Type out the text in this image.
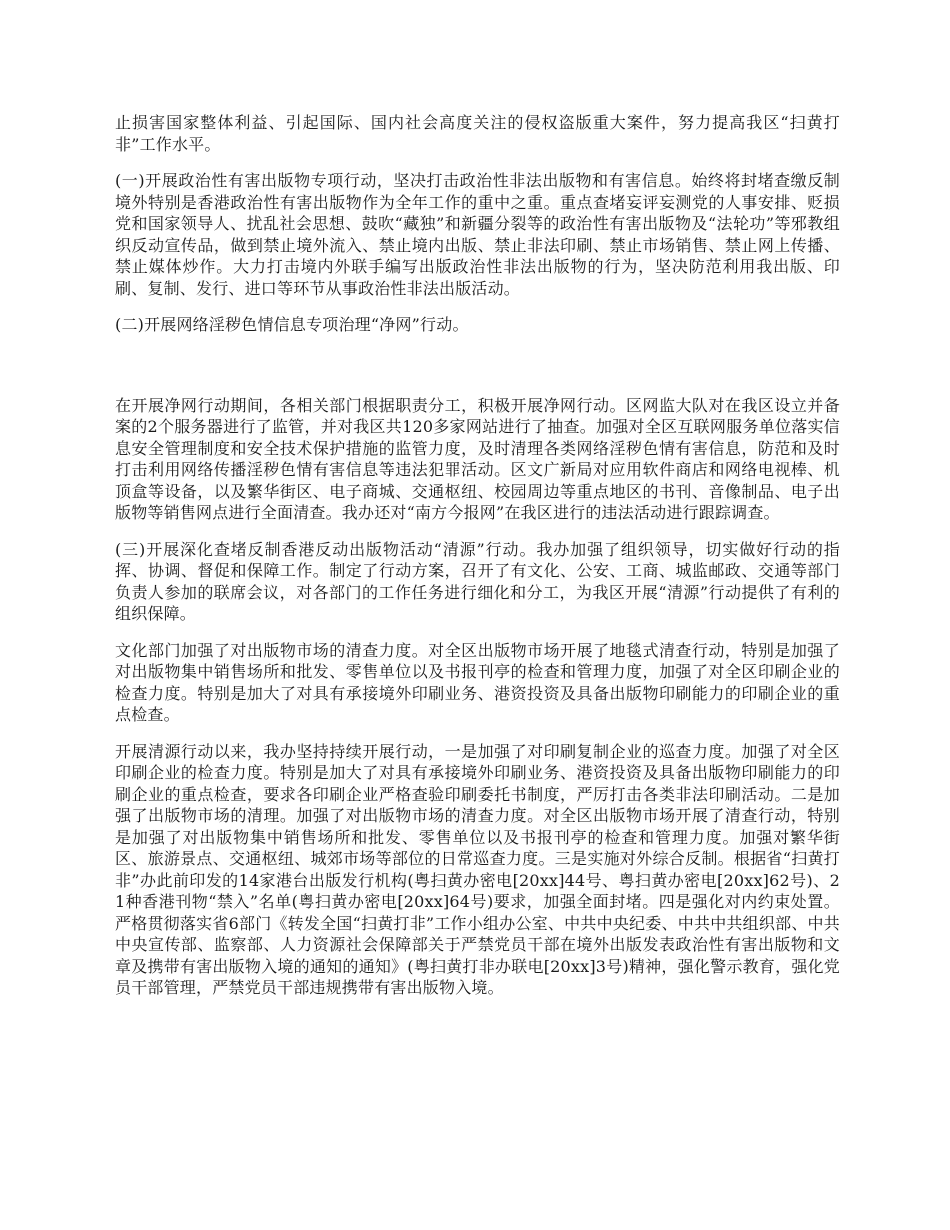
止损害国家整体利益、引起国际、国内社会高度关注的侵权盗版重大案件，努力提高我区“扫黄打非”工作水平。

(一)开展政治性有害出版物专项行动，坚决打击政治性非法出版物和有害信息。始终将封堵查缴反制境外特别是香港政治性有害出版物作为全年工作的重中之重。重点查堵妄评妄测党的人事安排、贬损党和国家领导人、扰乱社会思想、鼓吹“藏独”和新疆分裂等的政治性有害出版物及“法轮功”等邪教组织反动宣传品，做到禁止境外流入、禁止境内出版、禁止非法印刷、禁止市场销售、禁止网上传播、禁止媒体炒作。大力打击境内外联手编写出版政治性非法出版物的行为，坚决防范利用我出版、印刷、复制、发行、进口等环节从事政治性非法出版活动。

(二)开展网络淫秽色情信息专项治理“净网”行动。

在开展净网行动期间，各相关部门根据职责分工，积极开展净网行动。区网监大队对在我区设立并备案的2个服务器进行了监管，并对我区共120多家网站进行了抽查。加强对全区互联网服务单位落实信息安全管理制度和安全技术保护措施的监管力度，及时清理各类网络淫秽色情有害信息，防范和及时打击利用网络传播淫秽色情有害信息等违法犯罪活动。区文广新局对应用软件商店和网络电视棒、机顶盒等设备，以及繁华街区、电子商城、交通枢纽、校园周边等重点地区的书刊、音像制品、电子出版物等销售网点进行全面清查。我办还对“南方今报网”在我区进行的违法活动进行跟踪调查。

(三)开展深化查堵反制香港反动出版物活动“清源”行动。我办加强了组织领导，切实做好行动的指挥、协调、督促和保障工作。制定了行动方案，召开了有文化、公安、工商、城监邮政、交通等部门负责人参加的联席会议，对各部门的工作任务进行细化和分工，为我区开展“清源”行动提供了有利的组织保障。

文化部门加强了对出版物市场的清查力度。对全区出版物市场开展了地毯式清查行动，特别是加强了对出版物集中销售场所和批发、零售单位以及书报刊亭的检查和管理力度，加强了对全区印刷企业的检查力度。特别是加大了对具有承接境外印刷业务、港资投资及具备出版物印刷能力的印刷企业的重点检查。

开展清源行动以来，我办坚持持续开展行动，一是加强了对印刷复制企业的巡查力度。加强了对全区印刷企业的检查力度。特别是加大了对具有承接境外印刷业务、港资投资及具备出版物印刷能力的印刷企业的重点检查，要求各印刷企业严格查验印刷委托书制度，严厉打击各类非法印刷活动。二是加强了出版物市场的清理。加强了对出版物市场的清查力度。对全区出版物市场开展了清查行动，特别是加强了对出版物集中销售场所和批发、零售单位以及书报刊亭的检查和管理力度。加强对繁华街区、旅游景点、交通枢纽、城郊市场等部位的日常巡查力度。三是实施对外综合反制。根据省“扫黄打非”办此前印发的14家港台出版发行机构(粤扫黄办密电[20xx]44号、粤扫黄办密电[20xx]62号)、21种香港刊物“禁入”名单(粤扫黄办密电[20xx]64号)要求，加强全面封堵。四是强化对内约束处置。严格贯彻落实省6部门《转发全国“扫黄打非”工作小组办公室、中共中央纪委、中共中共组织部、中共中央宣传部、监察部、人力资源社会保障部关于严禁党员干部在境外出版发表政治性有害出版物和文章及携带有害出版物入境的通知的通知》(粤扫黄打非办联电[20xx]3号)精神，强化警示教育，强化党员干部管理，严禁党员干部违规携带有害出版物入境。
